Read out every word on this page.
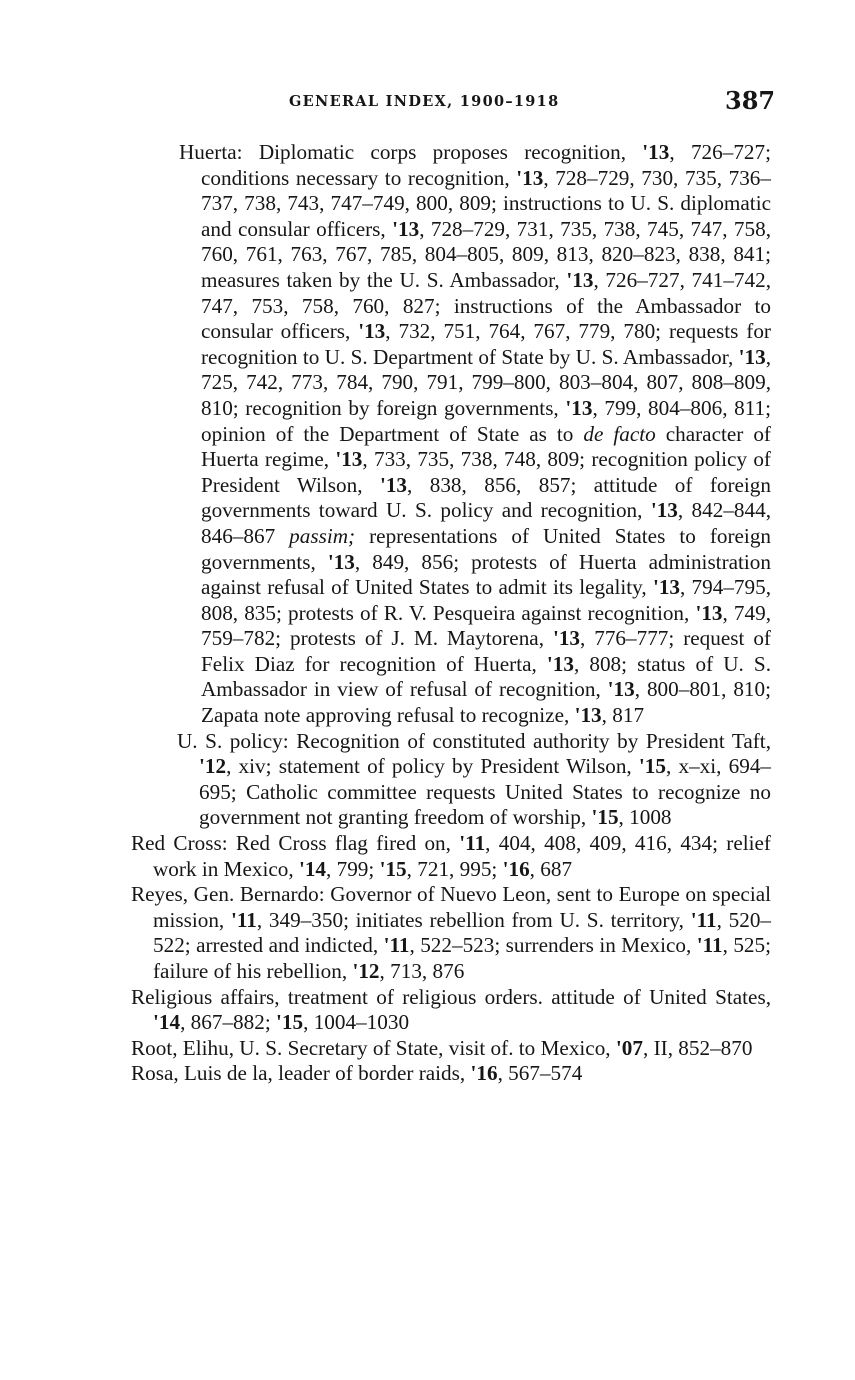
GENERAL INDEX, 1900–1918	387

Huerta: Diplomatic corps proposes recognition, '13, 726–727; conditions necessary to recognition, '13, 728–729, 730, 735, 736–737, 738, 743, 747–749, 800, 809; instructions to U. S. diplomatic and consular officers, '13, 728–729, 731, 735, 738, 745, 747, 758, 760, 761, 763, 767, 785, 804–805, 809, 813, 820–823, 838, 841; measures taken by the U. S. Ambassador, '13, 726–727, 741–742, 747, 753, 758, 760, 827; instructions of the Ambassador to consular officers, '13, 732, 751, 764, 767, 779, 780; requests for recognition to U. S. Department of State by U. S. Ambassador, '13, 725, 742, 773, 784, 790, 791, 799–800, 803–804, 807, 808–809, 810; recognition by foreign governments, '13, 799, 804–806, 811; opinion of the Department of State as to de facto character of Huerta regime, '13, 733, 735, 738, 748, 809; recognition policy of President Wilson, '13, 838, 856, 857; attitude of foreign governments toward U. S. policy and recognition, '13, 842–844, 846–867 passim; representations of United States to foreign governments, '13, 849, 856; protests of Huerta administration against refusal of United States to admit its legality, '13, 794–795, 808, 835; protests of R. V. Pesqueira against recognition, '13, 749, 759–782; protests of J. M. Maytorena, '13, 776–777; request of Felix Diaz for recognition of Huerta, '13, 808; status of U. S. Ambassador in view of refusal of recognition, '13, 800–801, 810; Zapata note approving refusal to recognize, '13, 817

U. S. policy: Recognition of constituted authority by President Taft, '12, xiv; statement of policy by President Wilson, '15, x–xi, 694–695; Catholic committee requests United States to recognize no government not granting freedom of worship, '15, 1008

Red Cross: Red Cross flag fired on, '11, 404, 408, 409, 416, 434; relief work in Mexico, '14, 799; '15, 721, 995; '16, 687

Reyes, Gen. Bernardo: Governor of Nuevo Leon, sent to Europe on special mission, '11, 349–350; initiates rebellion from U. S. territory, '11, 520–522; arrested and indicted, '11, 522–523; surrenders in Mexico, '11, 525; failure of his rebellion, '12, 713, 876

Religious affairs, treatment of religious orders. attitude of United States, '14, 867–882; '15, 1004–1030

Root, Elihu, U. S. Secretary of State, visit of. to Mexico, '07, II, 852–870

Rosa, Luis de la, leader of border raids, '16, 567–574
